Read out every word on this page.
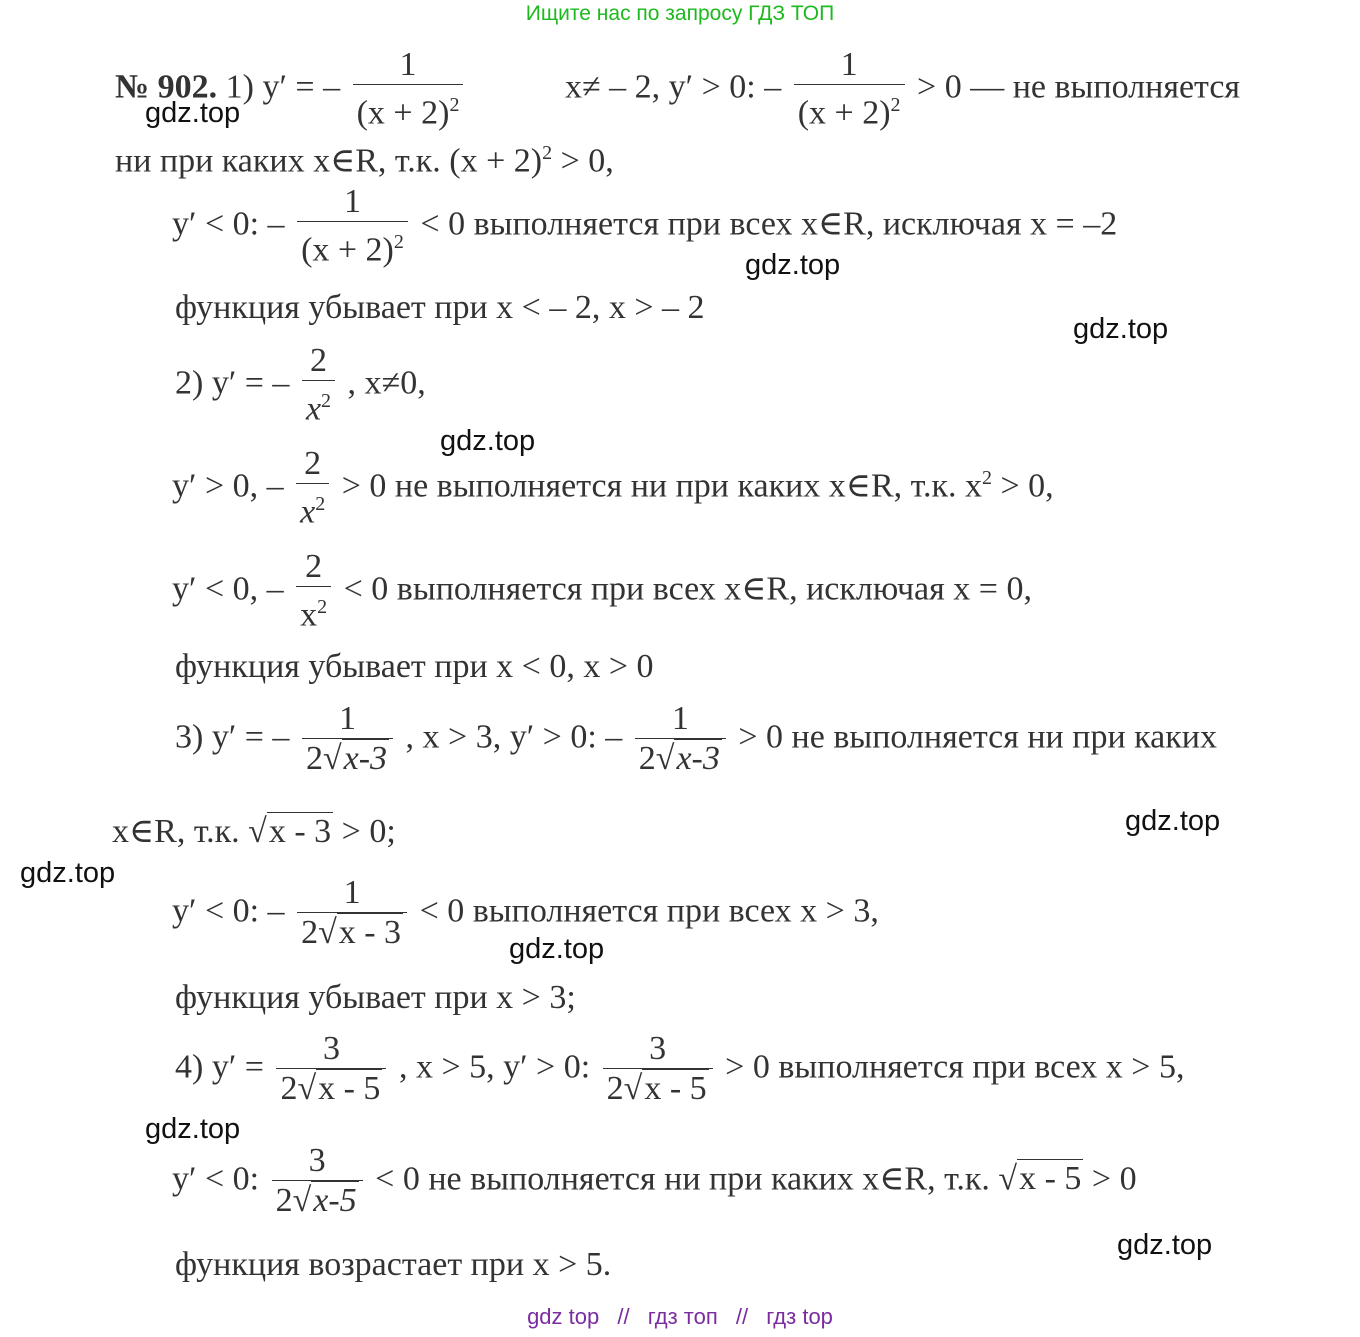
Ищите нас по запросу ГДЗ ТОП
№ 902. 1) y′ = – $\frac{1}{(x + 2)^2}$	x≠ – 2, y′ > 0: – $\frac{1}{(x + 2)^2} > 0$ — не выполняется
ни при каких x∈R, т.к. $(x + 2)^2 > 0$,
y′ < 0: – $\frac{1}{(x + 2)^2} < 0$ выполняется при всех x∈R, исключая x = –2
функция убывает при x < – 2, x > – 2
2) y′ = – $\frac{2}{x^2}$ , x≠0,
y′ > 0, – $\frac{2}{x^2} > 0$ не выполняется ни при каких x∈R, т.к. $x^2 > 0$,
y′ < 0, – $\frac{2}{x^2} < 0$ выполняется при всех x∈R, исключая x = 0,
функция убывает при x < 0, x > 0
3) y′ = – $\frac{1}{2√x-3}$ , x > 3, y′ > 0: – $\frac{1}{2√x-3} > 0$ не выполняется ни при каких
x∈R, т.к. √x - 3 > 0;
y′ < 0: – $\frac{1}{2√x - 3} < 0$ выполняется при всех x > 3,
функция убывает при x > 3;
4) $y' = \frac{3}{2√x - 5}$ , x > 5, y′ > 0: $\frac{3}{2√x - 5} > 0$ выполняется при всех x > 5,
y′ < 0: $\frac{3}{2√x-5} < 0$ не выполняется ни при каких x∈R, т.к. √x - 5 > 0
функция возрастает при x > 5.
gdz.top
gdz.top
gdz.top
gdz.top
gdz.top
gdz.top
gdz.top
gdz.top
gdz.top
gdz top // гдз топ // гдз top
